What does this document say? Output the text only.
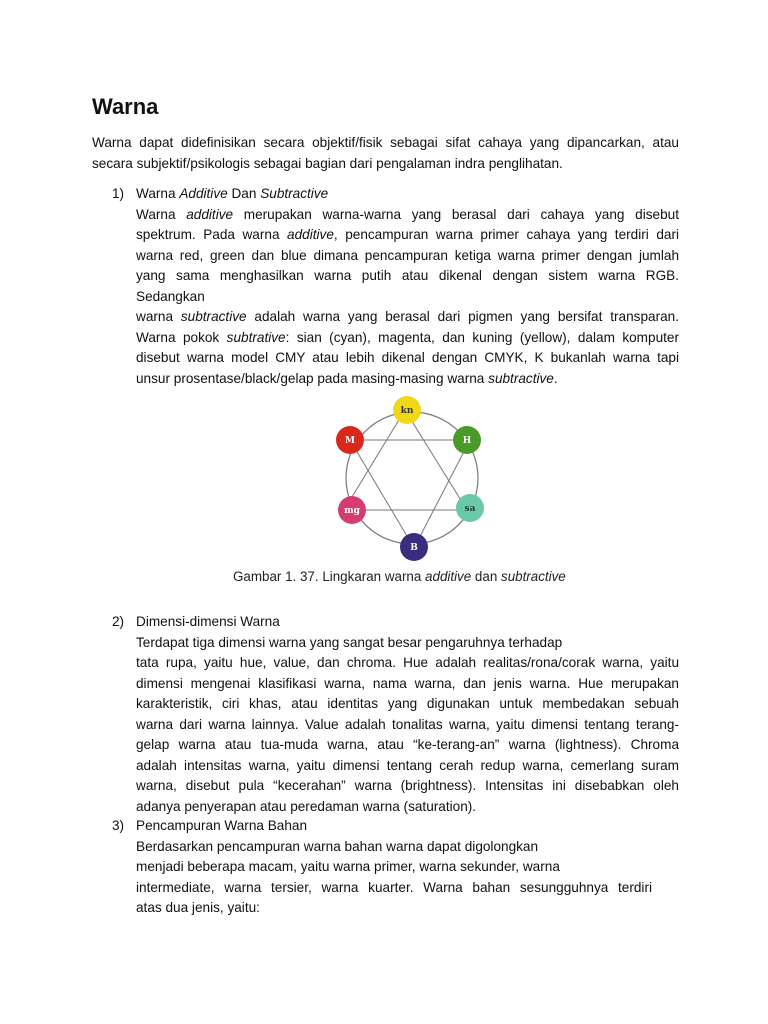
Warna
Warna dapat didefinisikan secara objektif/fisik sebagai sifat cahaya yang dipancarkan, atau
secara subjektif/psikologis sebagai bagian dari pengalaman indra penglihatan.
1) Warna Additive Dan Subtractive
Warna additive merupakan warna-warna yang berasal dari cahaya yang disebut
spektrum. Pada warna additive, pencampuran warna primer cahaya yang terdiri dari
warna red, green dan blue dimana pencampuran ketiga warna primer dengan jumlah
yang sama menghasilkan warna putih atau dikenal dengan sistem warna RGB. Sedangkan
warna subtractive adalah warna yang berasal dari pigmen yang bersifat transparan.
Warna pokok subtrative: sian (cyan), magenta, dan kuning (yellow), dalam komputer
disebut warna model CMY atau lebih dikenal dengan CMYK, K bukanlah warna tapi
unsur prosentase/black/gelap pada masing-masing warna subtractive.
kn
H
sa
B
mg
M
Gambar 1. 37. Lingkaran warna additive dan subtractive
2) Dimensi-dimensi Warna
Terdapat tiga dimensi warna yang sangat besar pengaruhnya terhadap
tata rupa, yaitu hue, value, dan chroma. Hue adalah realitas/rona/corak warna, yaitu
dimensi mengenai klasifikasi warna, nama warna, dan jenis warna. Hue merupakan
karakteristik, ciri khas, atau identitas yang digunakan untuk membedakan sebuah
warna dari warna lainnya. Value adalah tonalitas warna, yaitu dimensi tentang terang-
gelap warna atau tua-muda warna, atau “ke-terang-an” warna (lightness). Chroma
adalah intensitas warna, yaitu dimensi tentang cerah redup warna, cemerlang suram
warna, disebut pula “kecerahan” warna (brightness). Intensitas ini disebabkan oleh
adanya penyerapan atau peredaman warna (saturation).
3) Pencampuran Warna Bahan
Berdasarkan pencampuran warna bahan warna dapat digolongkan
menjadi beberapa macam, yaitu warna primer, warna sekunder, warna
intermediate, warna tersier, warna kuarter. Warna bahan sesungguhnya terdiri
atas dua jenis, yaitu:
